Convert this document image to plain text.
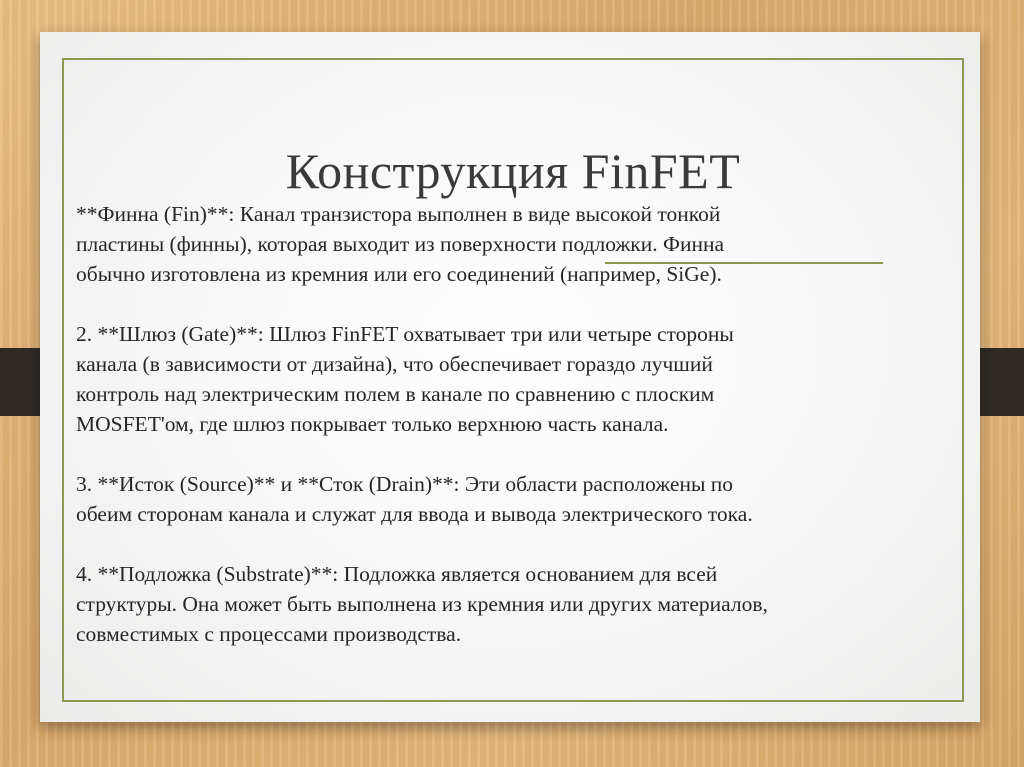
Конструкция FinFET

**Финна (Fin)**: Канал транзистора выполнен в виде высокой тонкой
пластины (финны), которая выходит из поверхности подложки. Финна
обычно изготовлена из кремния или его соединений (например, SiGe).

2. **Шлюз (Gate)**: Шлюз FinFET охватывает три или четыре стороны
канала (в зависимости от дизайна), что обеспечивает гораздо лучший
контроль над электрическим полем в канале по сравнению с плоским
MOSFET'ом, где шлюз покрывает только верхнюю часть канала.

3. **Исток (Source)** и **Сток (Drain)**: Эти области расположены по
обеим сторонам канала и служат для ввода и вывода электрического тока.

4. **Подложка (Substrate)**: Подложка является основанием для всей
структуры. Она может быть выполнена из кремния или других материалов,
совместимых с процессами производства.
